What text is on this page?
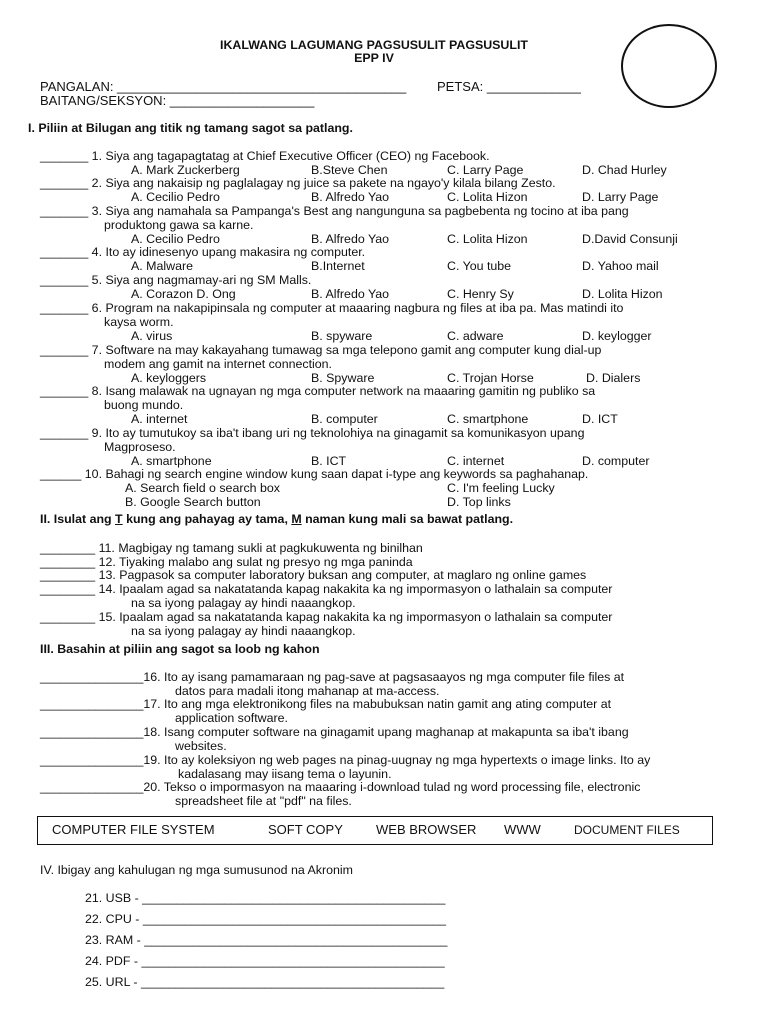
IKALWANG LAGUMANG PAGSUSULIT PAGSUSULIT
EPP IV
PANGALAN: ________________________________________ PETSA: _____________
BAITANG/SEKSYON: ____________________
I. Piliin at Bilugan ang titik ng tamang sagot sa patlang.
_______ 1. Siya ang tagapagtatag at Chief Executive Officer (CEO) ng Facebook.
A. Mark Zuckerberg	B.Steve Chen	C. Larry Page	D. Chad Hurley
_______ 2. Siya ang nakaisip ng paglalagay ng juice sa pakete na ngayo'y kilala bilang Zesto.
A. Cecilio Pedro	B. Alfredo Yao	C. Lolita Hizon	D. Larry Page
_______ 3. Siya ang namahala sa Pampanga's Best ang nangunguna sa pagbebenta ng tocino at iba pang
produktong gawa sa karne.
A. Cecilio Pedro	B. Alfredo Yao	C. Lolita Hizon	D.David Consunji
_______ 4. Ito ay idinesenyo upang makasira ng computer.
A. Malware	B.Internet	C. You tube	D. Yahoo mail
_______ 5. Siya ang nagmamay-ari ng SM Malls.
A. Corazon D. Ong	B. Alfredo Yao	C. Henry Sy	D. Lolita Hizon
_______ 6. Program na nakapipinsala ng computer at maaaring nagbura ng files at iba pa. Mas matindi ito
kaysa worm.
A. virus	B. spyware	C. adware	D. keylogger
_______ 7. Software na may kakayahang tumawag sa mga telepono gamit ang computer kung dial-up
modem ang gamit na internet connection.
A. keyloggers	B. Spyware	C. Trojan Horse	D. Dialers
_______ 8. Isang malawak na ugnayan ng mga computer network na maaaring gamitin ng publiko sa
buong mundo.
A. internet	B. computer	C. smartphone	D. ICT
_______ 9. Ito ay tumutukoy sa iba't ibang uri ng teknolohiya na ginagamit sa komunikasyon upang
Magproseso.
A. smartphone	B. ICT	C. internet	D. computer
______ 10. Bahagi ng search engine window kung saan dapat i-type ang keywords sa paghahanap.
A. Search field o search box	C. I'm feeling Lucky
B. Google Search button	D. Top links
II. Isulat ang T kung ang pahayag ay tama, M naman kung mali sa bawat patlang.
________ 11. Magbigay ng tamang sukli at pagkukuwenta ng binilhan
________ 12. Tiyaking malabo ang sulat ng presyo ng mga paninda
________ 13. Pagpasok sa computer laboratory buksan ang computer, at maglaro ng online games
________ 14. Ipaalam agad sa nakatatanda kapag nakakita ka ng impormasyon o lathalain sa computer
na sa iyong palagay ay hindi naaangkop.
________ 15. Ipaalam agad sa nakatatanda kapag nakakita ka ng impormasyon o lathalain sa computer
na sa iyong palagay ay hindi naaangkop.
III. Basahin at piliin ang sagot sa loob ng kahon
_______________16. Ito ay isang pamamaraan ng pag-save at pagsasaayos ng mga computer file files at
datos para madali itong mahanap at ma-access.
_______________17. Ito ang mga elektronikong files na mabubuksan natin gamit ang ating computer at
application software.
_______________18. Isang computer software na ginagamit upang maghanap at makapunta sa iba't ibang
websites.
_______________19. Ito ay koleksiyon ng web pages na pinag-uugnay ng mga hypertexts o image links. Ito ay
kadalasang may iisang tema o layunin.
_______________20. Tekso o impormasyon na maaaring i-download tulad ng word processing file, electronic
spreadsheet file at "pdf" na files.
COMPUTER FILE SYSTEM	SOFT COPY	WEB BROWSER WWW	DOCUMENT FILES
IV. Ibigay ang kahulugan ng mga sumusunod na Akronim
21. USB - ____________________________________________
22. CPU - ____________________________________________
23. RAM - ____________________________________________
24. PDF - ____________________________________________
25. URL - ____________________________________________
